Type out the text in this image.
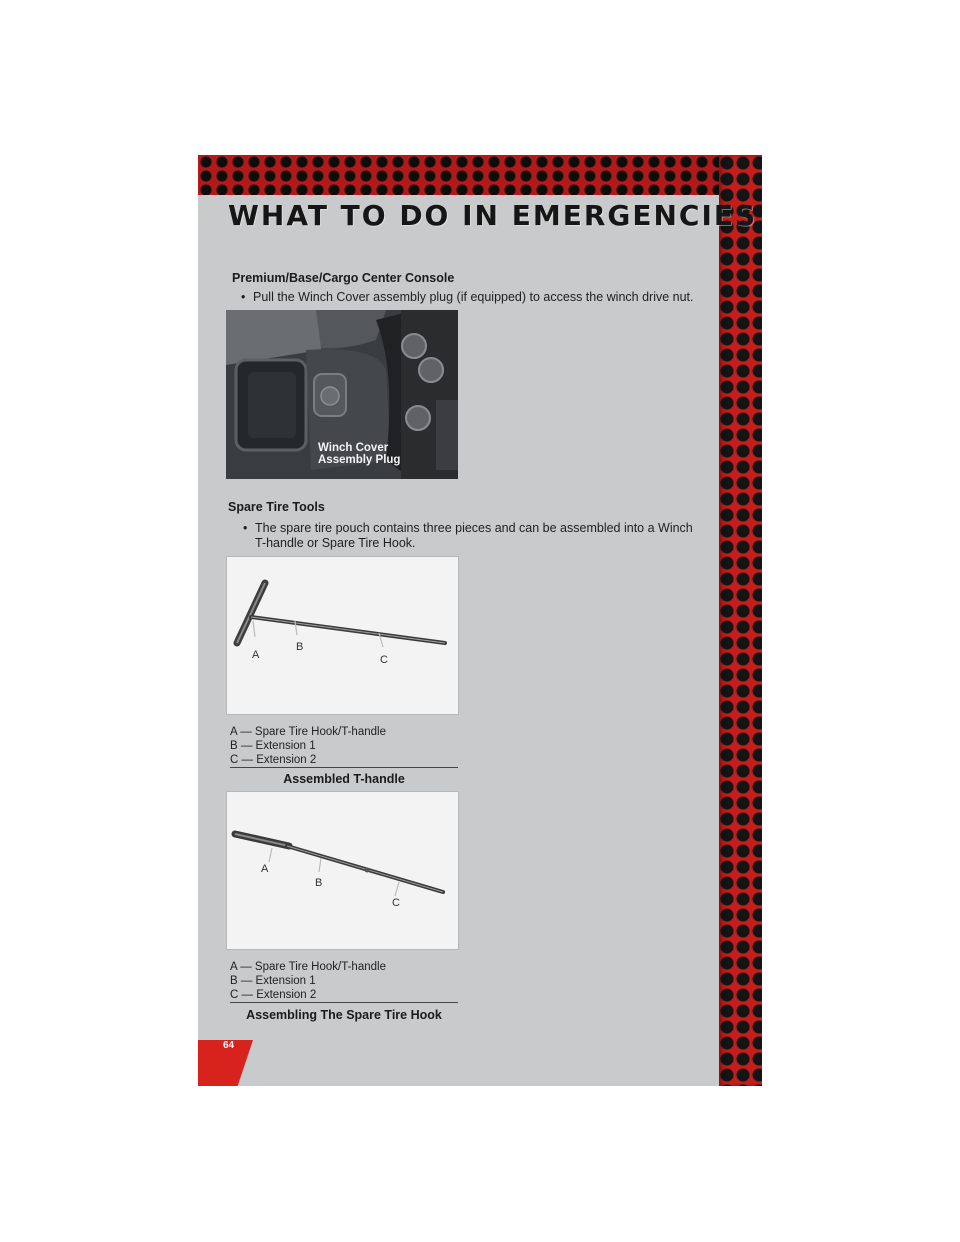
WHAT TO DO IN EMERGENCIES

Premium/Base/Cargo Center Console

• Pull the Winch Cover assembly plug (if equipped) to access the winch drive nut.

Winch Cover
Assembly Plug

Spare Tire Tools

• The spare tire pouch contains three pieces and can be assembled into a Winch
T-handle or Spare Tire Hook.

A

B

C

A — Spare Tire Hook/T-handle
B — Extension 1
C — Extension 2

Assembled T-handle

A

B

C

A — Spare Tire Hook/T-handle
B — Extension 1
C — Extension 2

Assembling The Spare Tire Hook

64
